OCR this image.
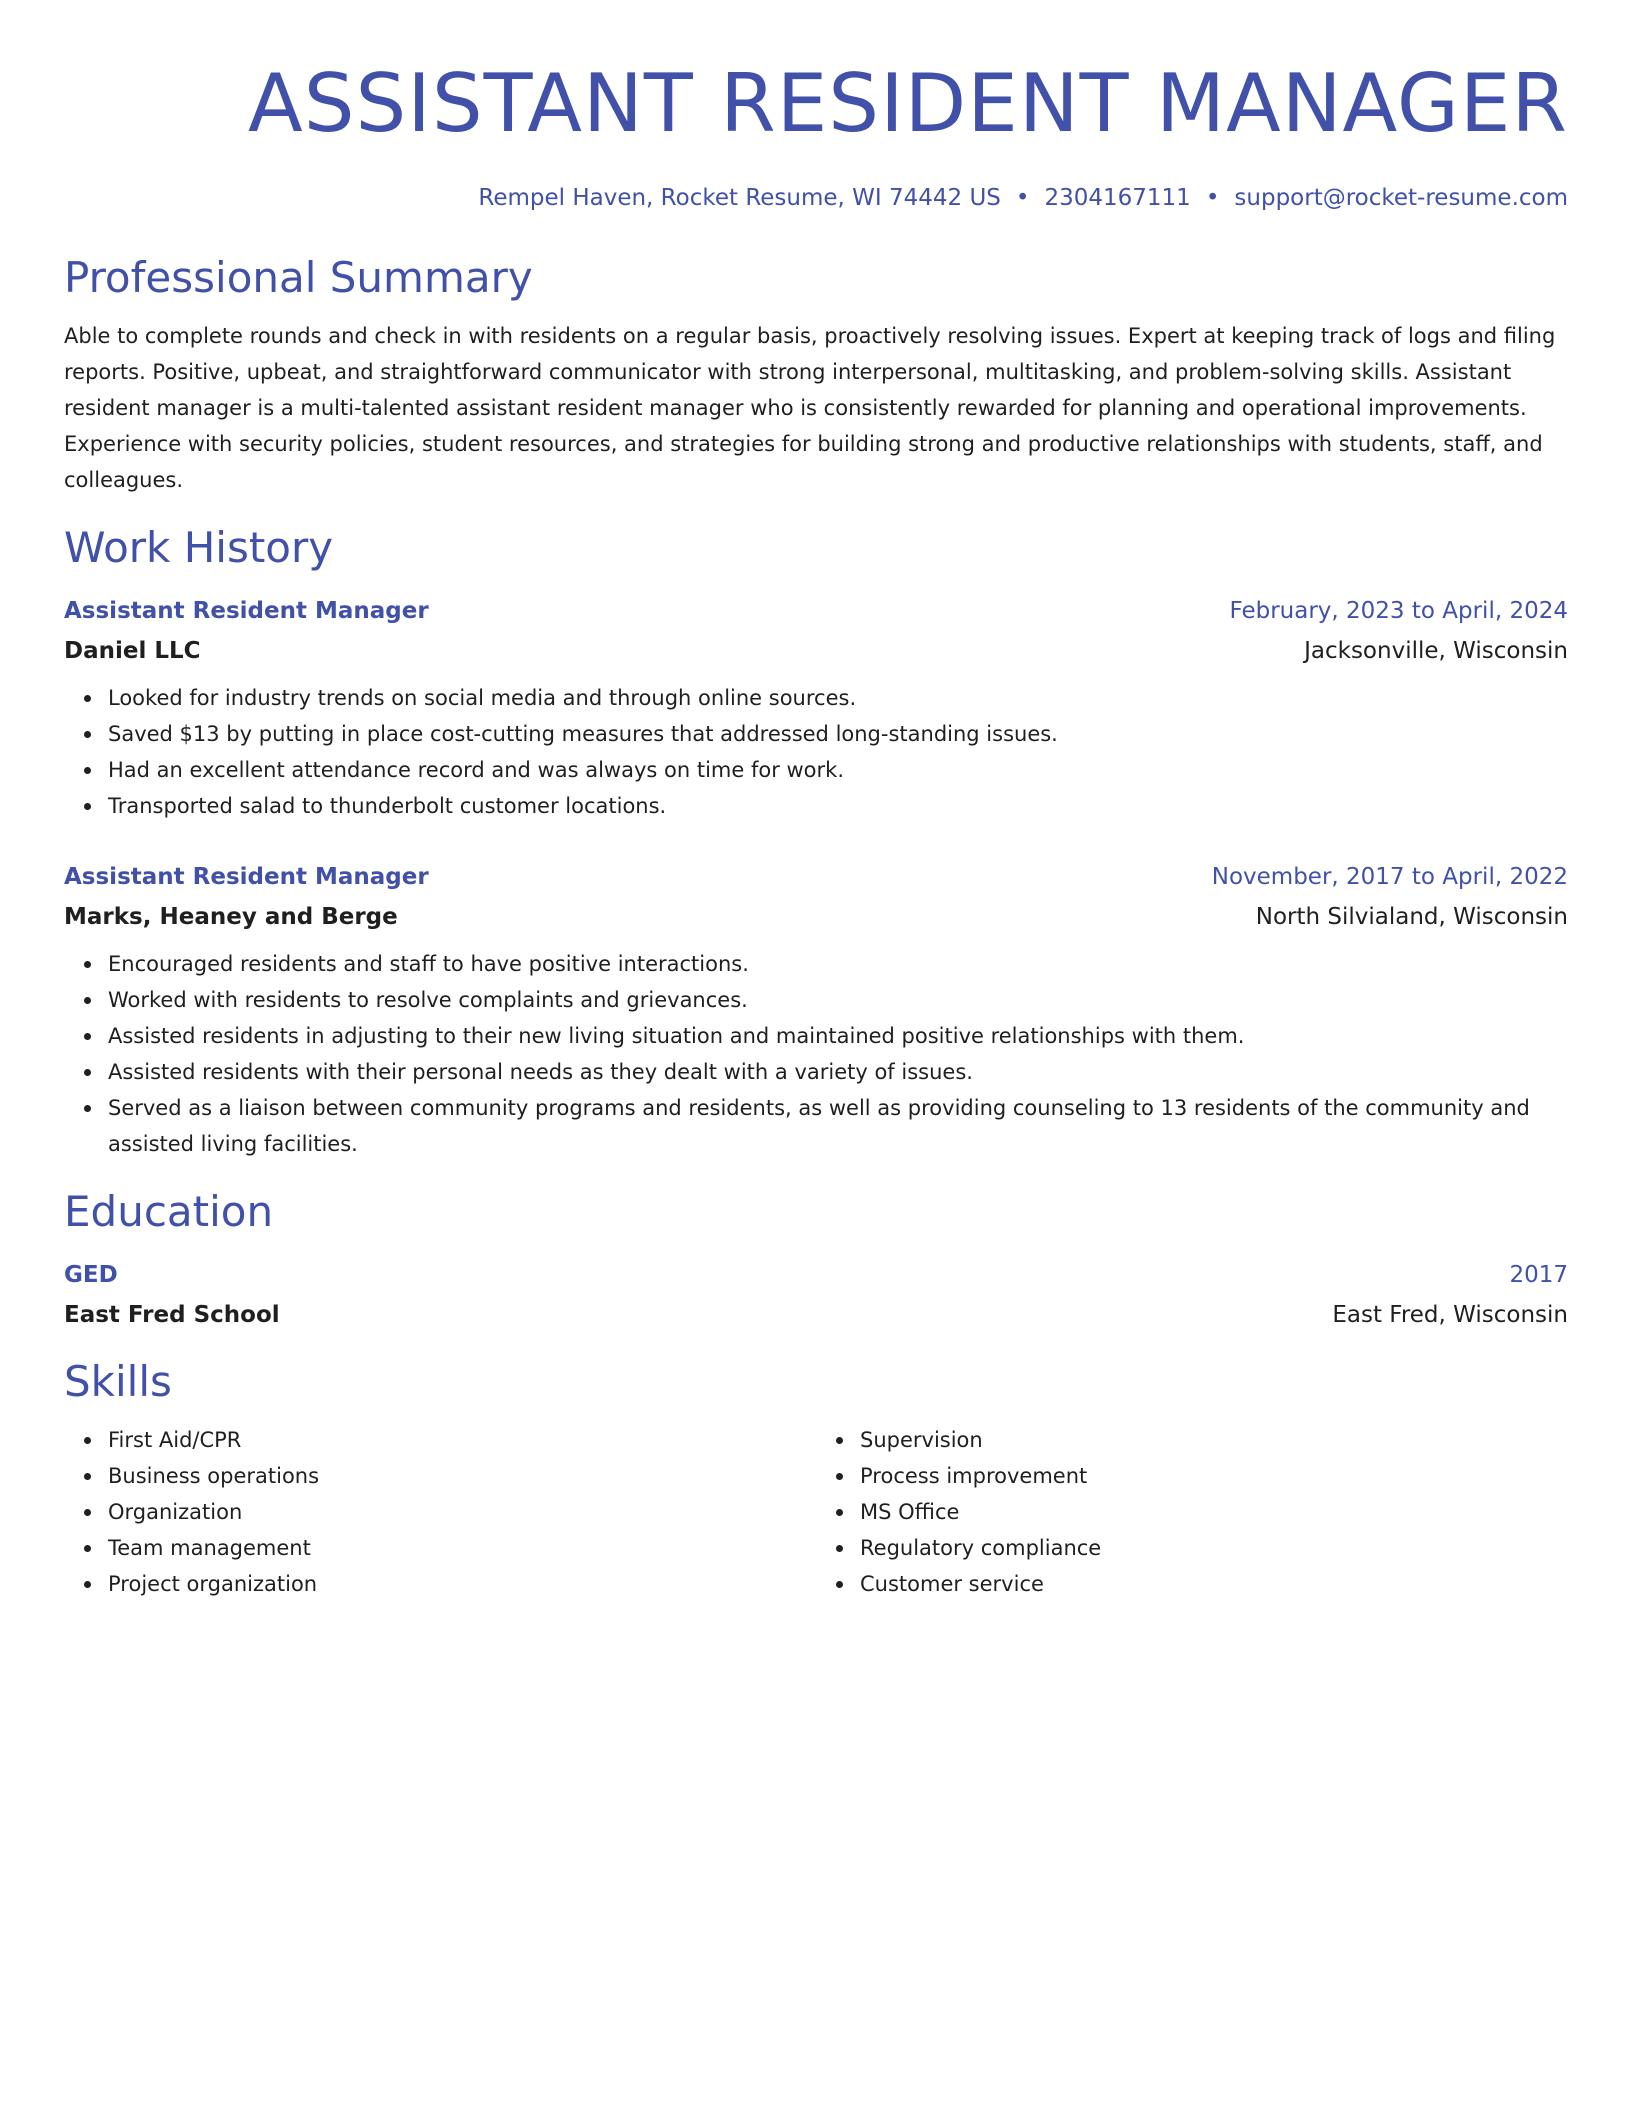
ASSISTANT RESIDENT MANAGER
Rempel Haven, Rocket Resume, WI 74442 US • 2304167111 • support@rocket-resume.com
Professional Summary

Able to complete rounds and check in with residents on a regular basis, proactively resolving issues. Expert at keeping track of logs and filing reports. Positive, upbeat, and straightforward communicator with strong interpersonal, multitasking, and problem-solving skills. Assistant resident manager is a multi-talented assistant resident manager who is consistently rewarded for planning and operational improvements. Experience with security policies, student resources, and strategies for building strong and productive relationships with students, staff, and colleagues.

Work History
Assistant Resident Manager	February, 2023 to April, 2024
Daniel LLC	Jacksonville, Wisconsin
Looked for industry trends on social media and through online sources.
Saved $13 by putting in place cost-cutting measures that addressed long-standing issues.
Had an excellent attendance record and was always on time for work.
Transported salad to thunderbolt customer locations.
Assistant Resident Manager	November, 2017 to April, 2022
Marks, Heaney and Berge	North Silvialand, Wisconsin
Encouraged residents and staff to have positive interactions.
Worked with residents to resolve complaints and grievances.
Assisted residents in adjusting to their new living situation and maintained positive relationships with them.
Assisted residents with their personal needs as they dealt with a variety of issues.
Served as a liaison between community programs and residents, as well as providing counseling to 13 residents of the community and assisted living facilities.
Education
GED	2017
East Fred School	East Fred, Wisconsin
Skills
First Aid/CPR
Business operations
Organization
Team management
Project organization
Supervision
Process improvement
MS Office
Regulatory compliance
Customer service
